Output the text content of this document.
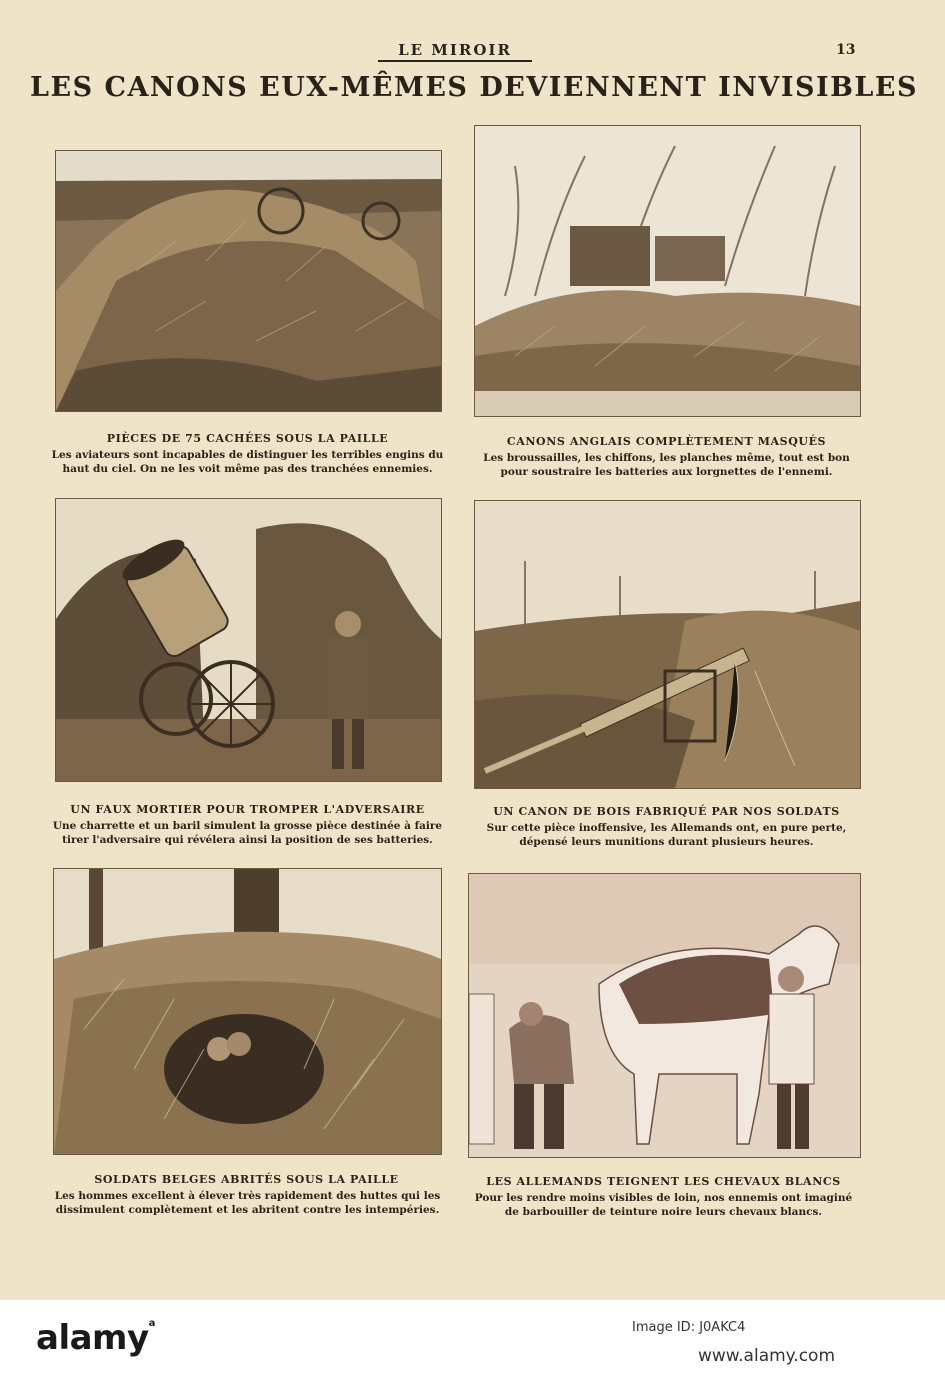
LE MIROIR	13
LES CANONS EUX-MÊMES DEVIENNENT INVISIBLES
PIÈCES DE 75 CACHÉES SOUS LA PAILLE
Les aviateurs sont incapables de distinguer les terribles engins du
haut du ciel. On ne les voit même pas des tranchées ennemies.
CANONS ANGLAIS COMPLÈTEMENT MASQUÉS
Les broussailles, les chiffons, les planches même, tout est bon
pour soustraire les batteries aux lorgnettes de l'ennemi.
UN FAUX MORTIER POUR TROMPER L'ADVERSAIRE
Une charrette et un baril simulent la grosse pièce destinée à faire
tirer l'adversaire qui révélera ainsi la position de ses batteries.
UN CANON DE BOIS FABRIQUÉ PAR NOS SOLDATS
Sur cette pièce inoffensive, les Allemands ont, en pure perte,
dépensé leurs munitions durant plusieurs heures.
SOLDATS BELGES ABRITÉS SOUS LA PAILLE
Les hommes excellent à élever très rapidement des huttes qui les
dissimulent complètement et les abritent contre les intempéries.
LES ALLEMANDS TEIGNENT LES CHEVAUX BLANCS
Pour les rendre moins visibles de loin, nos ennemis ont imaginé
de barbouiller de teinture noire leurs chevaux blancs.
alamy$^a$	Image ID: J0AKC4
www.alamy.com
